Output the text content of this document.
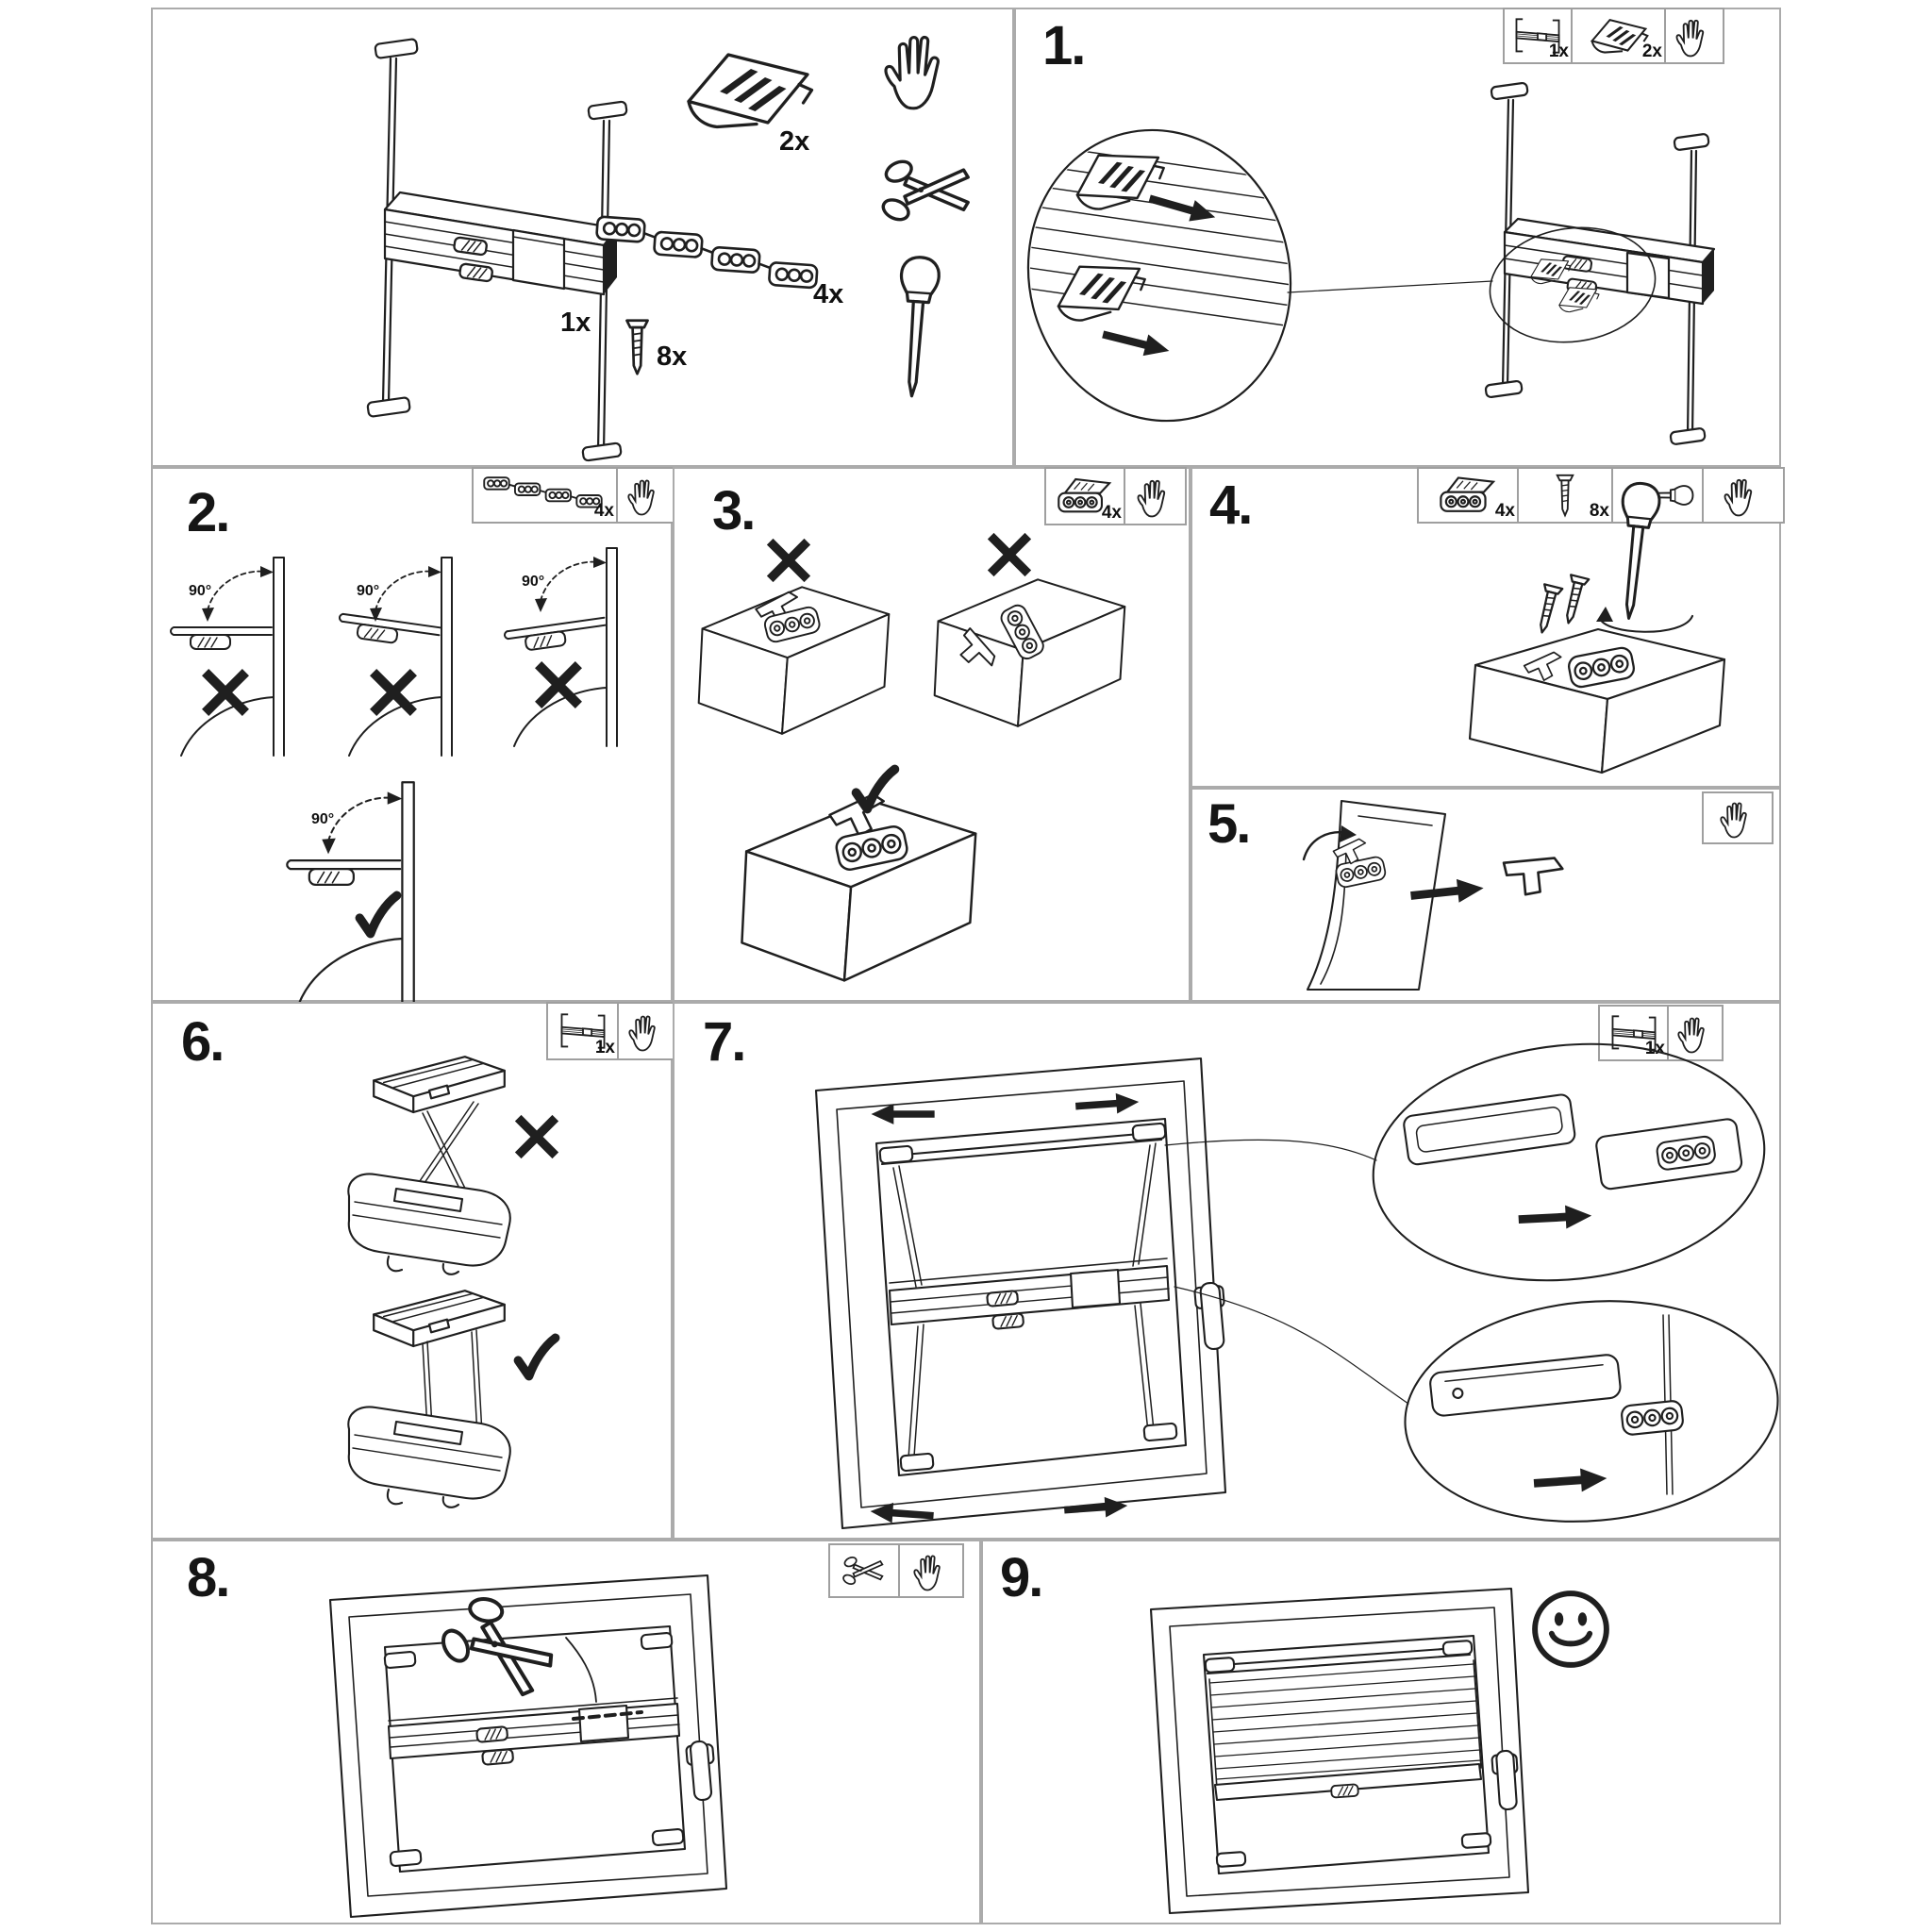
1x
2x
4x
8x
1.	1x	2x
2.	4x
90°	90°
90°
90°
3.	4x 4.	4x	8x
5.
6.	1x 7.	1x
8.	9.
